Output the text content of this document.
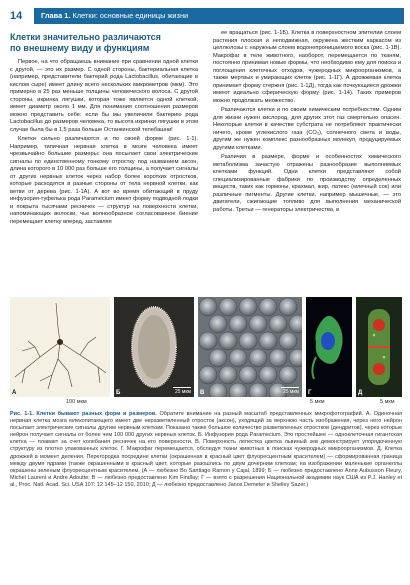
14	Глава 1. Клетки: основные единицы жизни
Клетки значительно различаются
по внешнему виду и функциям

Первое, на что обращаешь внимание при сравнении одной клетки с другой, — это их размер. С одной стороны, бактериальная клетка (например, представители бактерий рода Lactobacillus, обитающие в кислом сыре) имеет длину всего нескольких микрометров (мкм). Это примерно в 25 раз меньше толщины человеческого волоса. С другой стороны, икринка лягушки, которая тоже является одной клеткой, имеет диаметр около 1 мм. Для понимания соотношения размеров можно представить себе: если бы мы увеличили бактерию рода Lactobacillus до размеров человека, то высота икринки лягушки в этом случае была бы в 1,5 раза больше Останкинской телебашни!

Клетки сильно различаются и по своей форме (рис. 1-1). Например, типичная нервная клетка в мозге человека имеет чрезвычайно большие размеры: она посылает свои электрические сигналы по единственному тонкому отростку под названием аксон, длина которого в 10 000 раз больше его толщины, а получает сигналы от других нервных клеток через набор более коротких отростков, которые расходятся в разные стороны от тела нервной клетки, как ветви от дерева (рис. 1-1А). А вот во время обитающий в пруду инфузория-туфелька рода Paramecium имеет форму подводной лодки и покрыта тысячами ресничек — структур на поверхности клетки, напоминающих волоски, чье волнообразное согласованное биение перемещает клетку вперед, заставляя

ее вращаться (рис. 1-1Б). Клетка в поверхностном эпителии слоем растения плоская и неподвижная, окружена жестким каркасом из целлюлозы с наружным слоем водонепроницаемого воска (рис. 1-1В). Макрофаг в теле животного, наоборот, перемещается по тканям, постоянно принимая новые формы, что необходимо ему для поиска и поглощения клеточных отходов, чужеродных микроорганизмов, а также мертвых и умирающих клеток (рис. 1-1Г). А дрожжевая клетка принимает форму стержня (рис. 1-1Д), тогда как почкующиеся дрожжи имеют идеально сферическую форму (рис. 1-14). Таких примеров можно продолжать множество.

Различаются клетки и по своим химическим потребностям. Одним для жизни нужен кислород, для других этот газ смертельно опасен. Некоторые клетки в качестве субстрата не потребляют практически ничего, кроме углекислого газа (CO₂), солнечного света и воды, другим же нужен комплекс разнообразных молекул, продуцируемых другими клетками.

Различия в размере, форме и особенностях химического метаболизма зачастую отражены разнообразие выполняемых клетками функций. Одни клетки представляют собой специализированные фабрики по производству определенных веществ, таких как гормоны, крахмал, жир, латекс (млечный сок) или различные пигменты. Другие клетки, например мышечные, — это двигатели, сжигающие топливо для выполнения механической работы. Третьи — генераторы электричества, в

А	Б	25 мкм В	25 мкм Г	Д
100 мкм	5 мкм	5 мкм
Рис. 1-1. Клетки бывают разных форм и размеров. Обратите внимание на разный масштаб представленных микрофотографий. А. Одиночная нервная клетка мозга млекопитающего имеет две неразветвленный отросток (аксон), уходящий за верхнюю часть изображения, через него нейрон посылает электрические сигналы другим нервным клеткам. Показано также большое количество разветвленных отростков (дендритов), через которые нейрон получает сигналы от более чем 100 000 других нервных клеток. Б. Инфузория рода Paramecium. Это простейшее — одноклеточная гигантская клетка — плавает за счет колебания ресничек на его поверхности. В. Поверхность лепестка цветка львиный зев демонстрирует упорядоченную структуру из плотно упакованных клеток. Г. Макрофаг перемещается, обследуя ткани животных в поисках чужеродных микроорганизмов. Д. Клетка дрожжей в момент деления. Перегородка посредине клетки (окрашенная в красный цвет флуоресцентным красителем) — сформированная граница между двумя ядрами (также окрашенными в красный цвет, которые разошлись по двум дочерним клеткам; на изображении маленькие органеллы окрашены зеленым флуоресцентным красителем. (А — любезно Bo Santiago Ramon y Cajal, 1899; Б — любезно предоставлено Anne Aubusson Fleury, Michel Laurent и Andre Adoutte; В — любезно предоставлено Kim Findlay; Г — взято с разрешения Национальной академии наук США из P.J. Hanley et al., Proc. Natl. Acad. Sci. USA 107: 12 145–12 150, 2010; Д — любезно предоставлено Janos Demeter и Shelley Sazer.)
